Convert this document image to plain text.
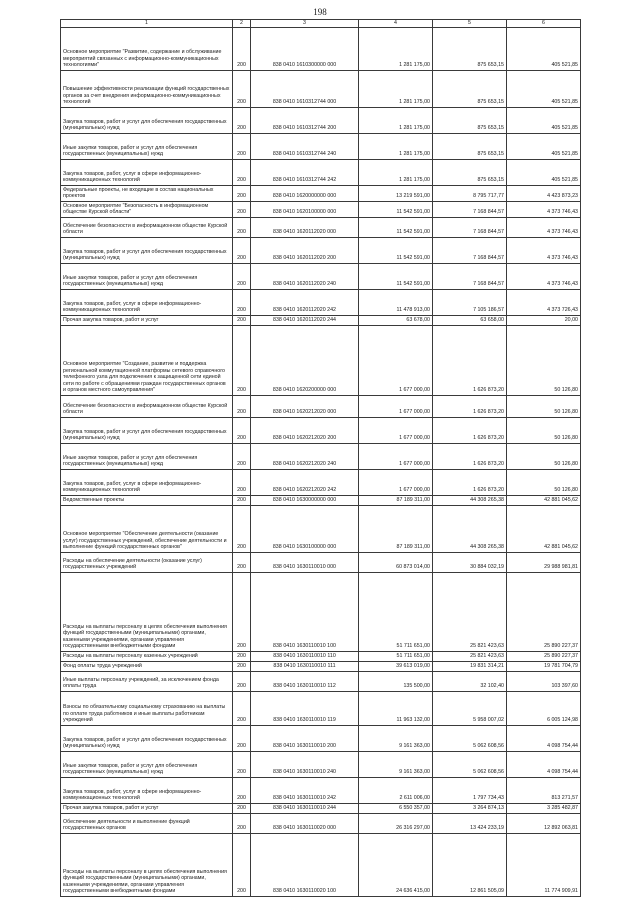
198
1	2	3	4	5	6
Основное мероприятие "Развитие, содержание и обслуживание мероприятий связанных с информационно-коммуникационных технологиями"	200	838 0410 1610300000 000	1 281 175,00	875 653,15	405 521,85
Повышение эффективности реализации функций государственных органов за счет внедрения информационно-коммуникационных технологий	200	838 0410 1610312744 000	1 281 175,00	875 653,15	405 521,85
Закупка товаров, работ и услуг для обеспечения государственных (муниципальных) нужд	200	838 0410 1610312744 200	1 281 175,00	875 653,15	405 521,85
Иные закупки товаров, работ и услуг для обеспечения государственных (муниципальных) нужд	200	838 0410 1610312744 240	1 281 175,00	875 653,15	405 521,85
Закупка товаров, работ, услуг в сфере информационно-коммуникационных технологий	200	838 0410 1610312744 242	1 281 175,00	875 653,15	405 521,85
Федеральные проекты, не входящие в состав национальных проектов	200	838 0410 1620000000 000	13 219 591,00	8 795 717,77	4 423 873,23
Основное мероприятие "Безопасность в информационном обществе Курской области"	200	838 0410 1620100000 000	11 542 591,00	7 168 844,57	4 373 746,43
Обеспечение безопасности в информационном обществе Курской области	200	838 0410 1620112020 000	11 542 591,00	7 168 844,57	4 373 746,43
Закупка товаров, работ и услуг для обеспечения государственных (муниципальных) нужд	200	838 0410 1620112020 200	11 542 591,00	7 168 844,57	4 373 746,43
Иные закупки товаров, работ и услуг для обеспечения государственных (муниципальных) нужд	200	838 0410 1620112020 240	11 542 591,00	7 168 844,57	4 373 746,43
Закупка товаров, работ, услуг в сфере информационно-коммуникационных технологий	200	838 0410 1620112020 242	11 478 913,00	7 105 186,57	4 373 726,43
Прочая закупка товаров, работ и услуг	200	838 0410 1620112020 244	63 678,00	63 658,00	20,00
Основное мероприятие "Создание, развитие и поддержка региональной коммутационной платформы сетевого справочного телефонного узла для подключения к защищенной сети единой сети по работе с обращениями граждан государственных органов и органов местного самоуправления"	200	838 0410 1620200000 000	1 677 000,00	1 626 873,20	50 126,80
Обеспечение безопасности в информационном обществе Курской области	200	838 0410 1620212020 000	1 677 000,00	1 626 873,20	50 126,80
Закупка товаров, работ и услуг для обеспечения государственных (муниципальных) нужд	200	838 0410 1620212020 200	1 677 000,00	1 626 873,20	50 126,80
Иные закупки товаров, работ и услуг для обеспечения государственных (муниципальных) нужд	200	838 0410 1620212020 240	1 677 000,00	1 626 873,20	50 126,80
Закупка товаров, работ, услуг в сфере информационно-коммуникационных технологий	200	838 0410 1620212020 242	1 677 000,00	1 626 873,20	50 126,80
Ведомственные проекты	200	838 0410 1630000000 000	87 189 311,00	44 308 265,38	42 881 045,62
Основное мероприятие "Обеспечение деятельности (оказание услуг) государственных учреждений, обеспечение деятельности и выполнение функций государственных органов"	200	838 0410 1630100000 000	87 189 311,00	44 308 265,38	42 881 045,62
Расходы на обеспечение деятельности (оказание услуг) государственных учреждений	200	838 0410 1630110010 000	60 873 014,00	30 884 032,19	29 988 981,81
Расходы на выплаты персоналу в целях обеспечения выполнения функций государственными (муниципальными) органами, казенными учреждениями, органами управления государственными внебюджетными фондами	200	838 0410 1630110010 100	51 711 651,00	25 821 423,63	25 890 227,37
Расходы на выплаты персоналу казенных учреждений	200	838 0410 1630110010 110	51 711 651,00	25 821 423,63	25 890 227,37
Фонд оплаты труда учреждений	200	838 0410 1630110010 111	39 613 019,00	19 831 314,21	19 781 704,79
Иные выплаты персоналу учреждений, за исключением фонда оплаты труда	200	838 0410 1630110010 112	135 500,00	32 102,40	103 397,60
Взносы по обязательному социальному страхованию на выплаты по оплате труда работников и иные выплаты работникам учреждений	200	838 0410 1630110010 119	11 963 132,00	5 958 007,02	6 005 124,98
Закупка товаров, работ и услуг для обеспечения государственных (муниципальных) нужд	200	838 0410 1630110010 200	9 161 363,00	5 062 608,56	4 098 754,44
Иные закупки товаров, работ и услуг для обеспечения государственных (муниципальных) нужд	200	838 0410 1630110010 240	9 161 363,00	5 062 608,56	4 098 754,44
Закупка товаров, работ, услуг в сфере информационно-коммуникационных технологий	200	838 0410 1630110010 242	2 611 006,00	1 797 734,43	813 271,57
Прочая закупка товаров, работ и услуг	200	838 0410 1630110010 244	6 550 357,00	3 264 874,13	3 285 482,87
Обеспечение деятельности и выполнение функций государственных органов	200	838 0410 1630110020 000	26 316 297,00	13 424 233,19	12 892 063,81
Расходы на выплаты персоналу в целях обеспечения выполнения функций государственными (муниципальными) органами, казенными учреждениями, органами управления государственными внебюджетными фондами	200	838 0410 1630110020 100	24 636 415,00	12 861 505,09	11 774 909,91
